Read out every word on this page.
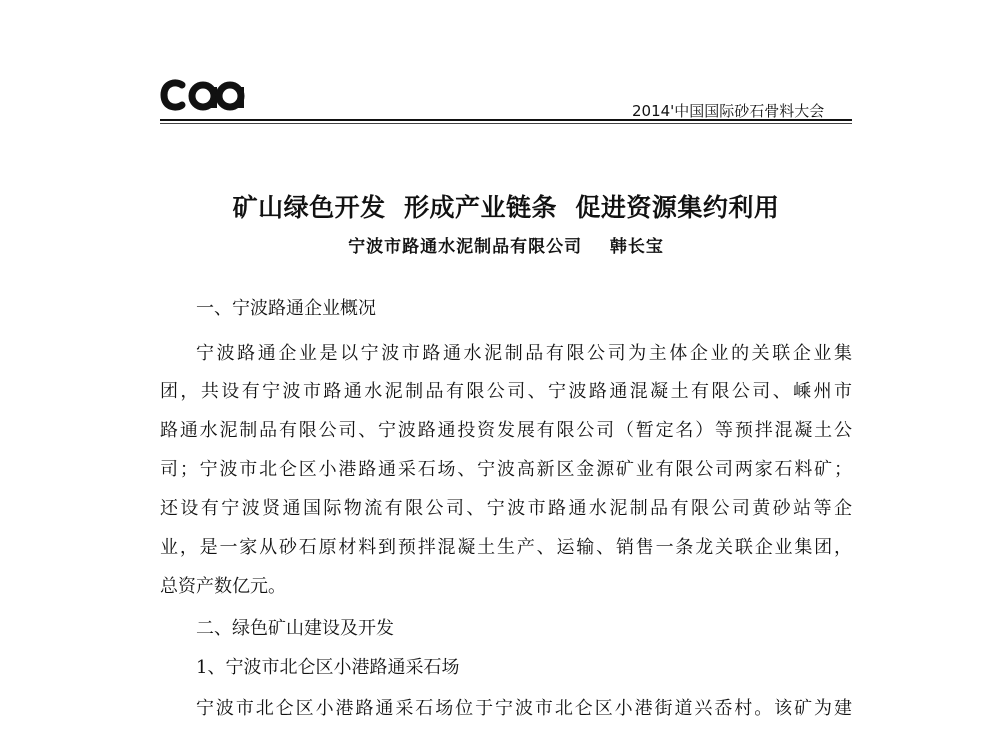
2014'中国国际砂石骨料大会
矿山绿色开发  形成产业链条  促进资源集约利用
宁波市路通水泥制品有限公司    韩长宝
一、宁波路通企业概况
宁波路通企业是以宁波市路通水泥制品有限公司为主体企业的关联企业集
团，共设有宁波市路通水泥制品有限公司、宁波路通混凝土有限公司、嵊州市
路通水泥制品有限公司、宁波路通投资发展有限公司（暂定名）等预拌混凝土公
司；宁波市北仑区小港路通采石场、宁波高新区金源矿业有限公司两家石料矿；
还设有宁波贤通国际物流有限公司、宁波市路通水泥制品有限公司黄砂站等企
业，是一家从砂石原材料到预拌混凝土生产、运输、销售一条龙关联企业集团，
总资产数亿元。
二、绿色矿山建设及开发
1、宁波市北仑区小港路通采石场
宁波市北仑区小港路通采石场位于宁波市北仑区小港街道兴岙村。该矿为建
